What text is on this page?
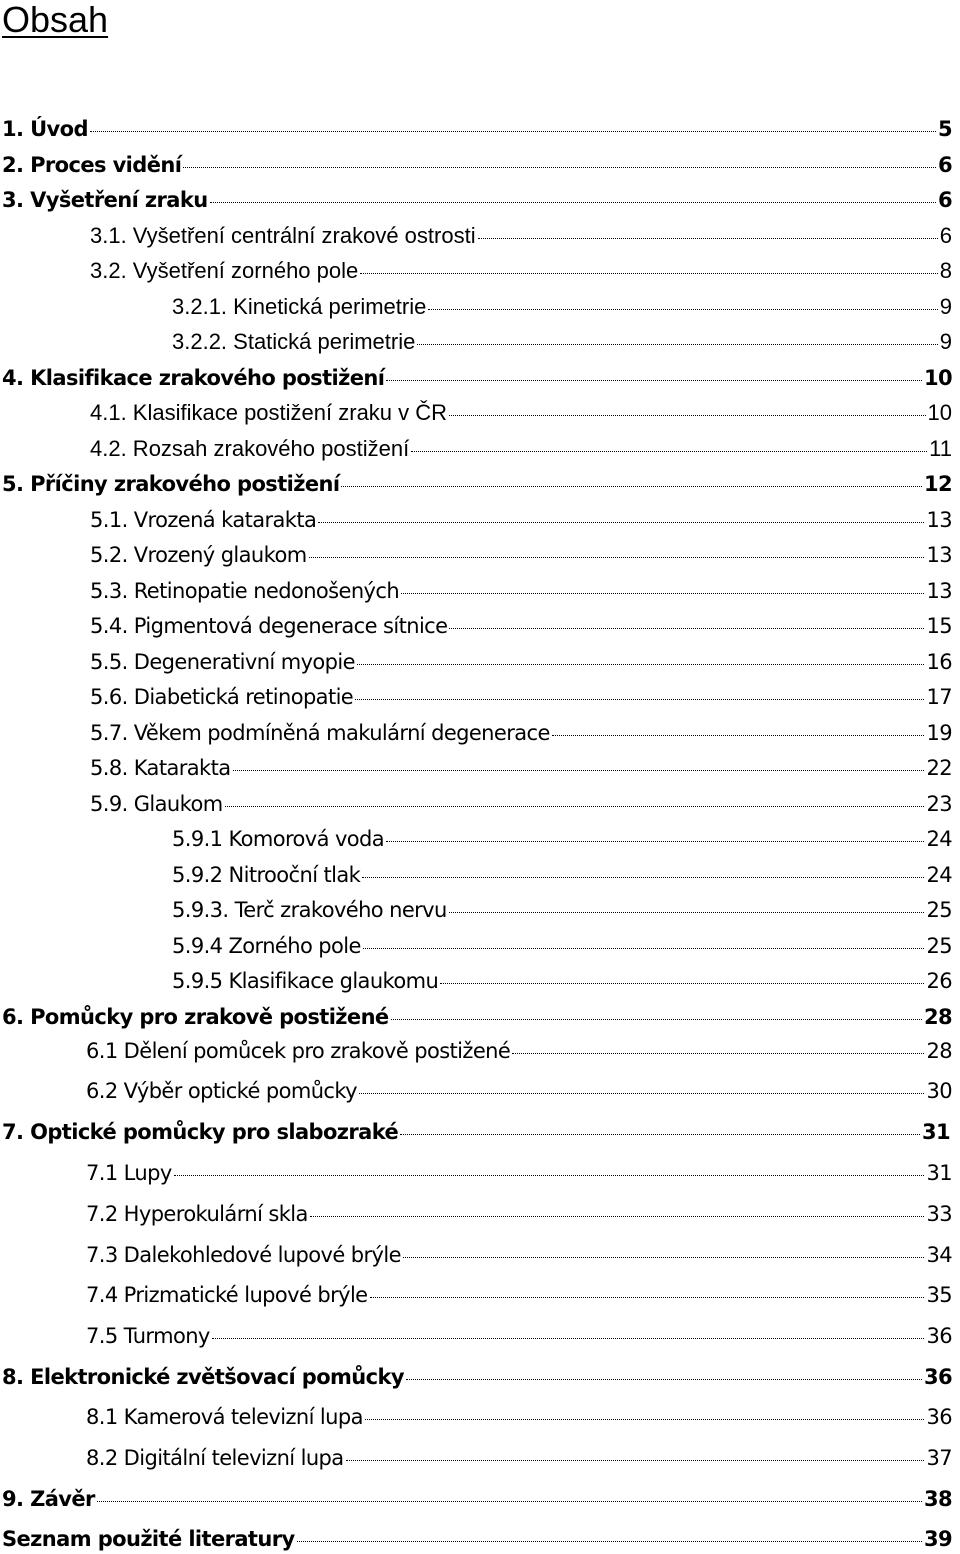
Obsah
1. Úvod	5
2. Proces vidění	6
3. Vyšetření zraku	6
3.1. Vyšetření centrální zrakové ostrosti	6
3.2. Vyšetření zorného pole	8
3.2.1. Kinetická perimetrie	9
3.2.2. Statická perimetrie	9
4. Klasifikace zrakového postižení	10
4.1. Klasifikace postižení zraku v ČR	10
4.2. Rozsah zrakového postižení	11
5. Příčiny zrakového postižení	12
5.1. Vrozená katarakta	13
5.2. Vrozený glaukom	13
5.3. Retinopatie nedonošených	13
5.4. Pigmentová degenerace sítnice	15
5.5. Degenerativní myopie	16
5.6. Diabetická retinopatie	17
5.7. Věkem podmíněná makulární degenerace	19
5.8. Katarakta	22
5.9. Glaukom	23
5.9.1 Komorová voda	24
5.9.2 Nitrooční tlak	24
5.9.3. Terč zrakového nervu	25
5.9.4 Zorného pole	25
5.9.5 Klasifikace glaukomu	26
6. Pomůcky pro zrakově postižené	28
6.1 Dělení pomůcek pro zrakově postižené	28
6.2 Výběr optické pomůcky	30
7. Optické pomůcky pro slabozraké	31
7.1 Lupy	31
7.2 Hyperokulární skla	33
7.3 Dalekohledové lupové brýle	34
7.4 Prizmatické lupové brýle	35
7.5 Turmony	36
8. Elektronické zvětšovací pomůcky	36
8.1 Kamerová televizní lupa	36
8.2 Digitální televizní lupa	37
9. Závěr	38
Seznam použité literatury	39
